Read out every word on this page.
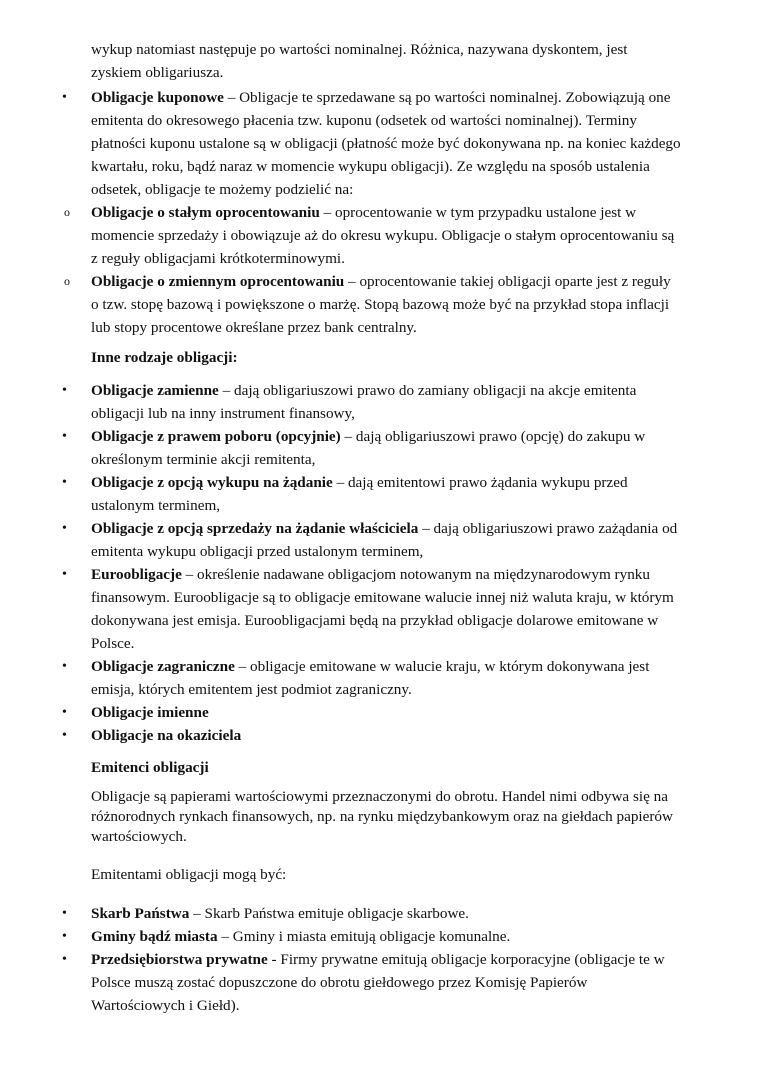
wykup natomiast następuje po wartości nominalnej. Różnica, nazywana dyskontem, jest zyskiem obligariusza.
• Obligacje kuponowe – Obligacje te sprzedawane są po wartości nominalnej. Zobowiązują one emitenta do okresowego płacenia tzw. kuponu (odsetek od wartości nominalnej). Terminy płatności kuponu ustalone są w obligacji (płatność może być dokonywana np. na koniec każdego kwartału, roku, bądź naraz w momencie wykupu obligacji). Ze względu na sposób ustalenia odsetek, obligacje te możemy podzielić na:
o Obligacje o stałym oprocentowaniu – oprocentowanie w tym przypadku ustalone jest w momencie sprzedaży i obowiązuje aż do okresu wykupu. Obligacje o stałym oprocentowaniu są z reguły obligacjami krótkoterminowymi.
o Obligacje o zmiennym oprocentowaniu – oprocentowanie takiej obligacji oparte jest z reguły o tzw. stopę bazową i powiększone o marżę. Stopą bazową może być na przykład stopa inflacji lub stopy procentowe określane przez bank centralny.
Inne rodzaje obligacji:
• Obligacje zamienne – dają obligariuszowi prawo do zamiany obligacji na akcje emitenta obligacji lub na inny instrument finansowy,
• Obligacje z prawem poboru (opcyjnie) – dają obligariuszowi prawo (opcję) do zakupu w określonym terminie akcji remitenta,
• Obligacje z opcją wykupu na żądanie – dają emitentowi prawo żądania wykupu przed ustalonym terminem,
• Obligacje z opcją sprzedaży na żądanie właściciela – dają obligariuszowi prawo zażądania od emitenta wykupu obligacji przed ustalonym terminem,
• Euroobligacje – określenie nadawane obligacjom notowanym na międzynarodowym rynku finansowym. Euroobligacje są to obligacje emitowane walucie innej niż waluta kraju, w którym dokonywana jest emisja. Euroobligacjami będą na przykład obligacje dolarowe emitowane w Polsce.
• Obligacje zagraniczne – obligacje emitowane w walucie kraju, w którym dokonywana jest emisja, których emitentem jest podmiot zagraniczny.
• Obligacje imienne
• Obligacje na okaziciela
Emitenci obligacji
Obligacje są papierami wartościowymi przeznaczonymi do obrotu. Handel nimi odbywa się na różnorodnych rynkach finansowych, np. na rynku międzybankowym oraz na giełdach papierów wartościowych.
Emitentami obligacji mogą być:
• Skarb Państwa – Skarb Państwa emituje obligacje skarbowe.
• Gminy bądź miasta – Gminy i miasta emitują obligacje komunalne.
• Przedsiębiorstwa prywatne - Firmy prywatne emitują obligacje korporacyjne (obligacje te w Polsce muszą zostać dopuszczone do obrotu giełdowego przez Komisję Papierów Wartościowych i Giełd).
